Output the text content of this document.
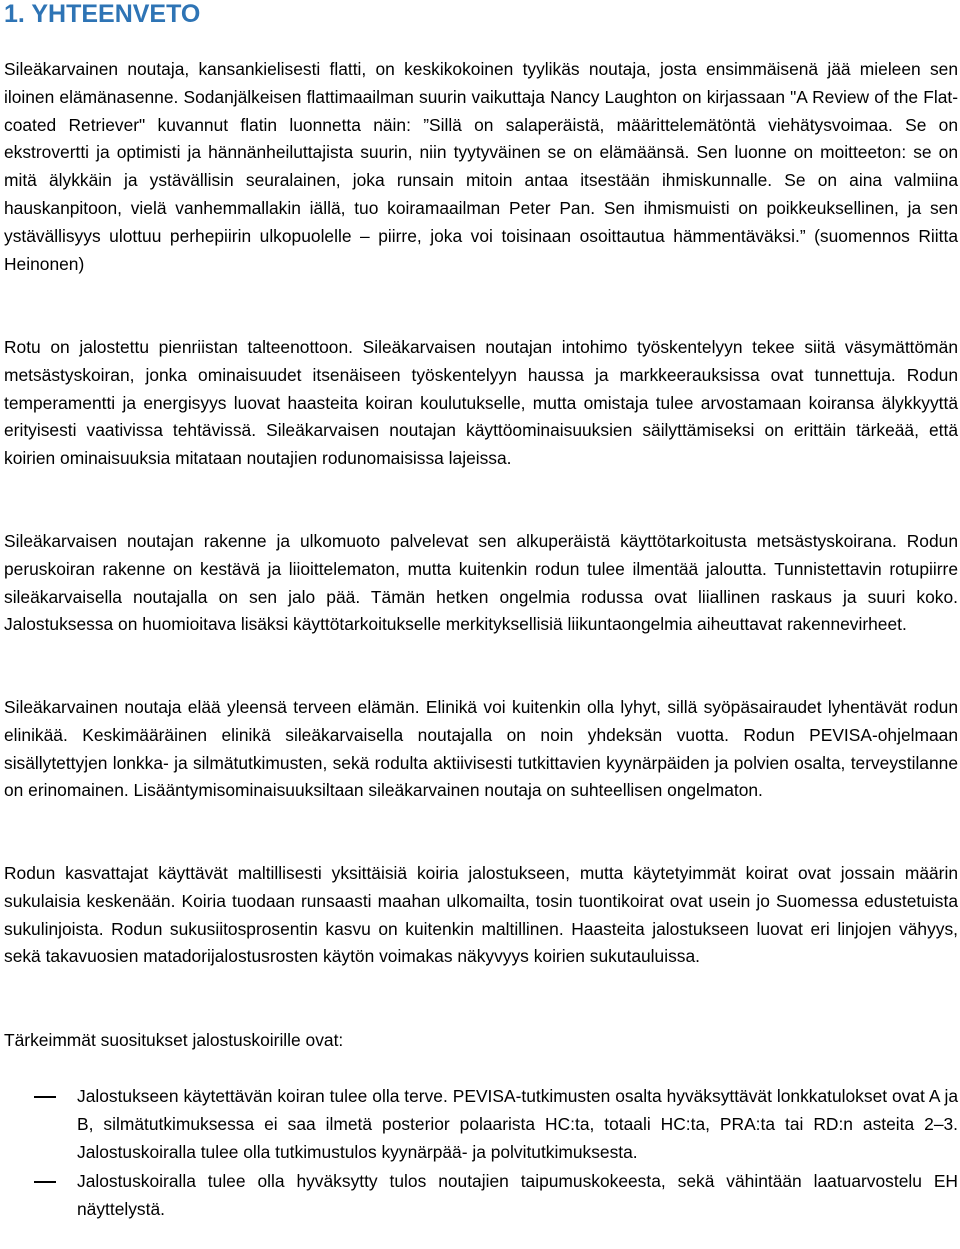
1. YHTEENVETO

Sileäkarvainen noutaja, kansankielisesti flatti, on keskikokoinen tyylikäs noutaja, josta ensimmäisenä jää mieleen sen iloinen elämänasenne. Sodanjälkeisen flattimaailman suurin vaikuttaja Nancy Laughton on kirjassaan "A Review of the Flat-coated Retriever" kuvannut flatin luonnetta näin: ”Sillä on salaperäistä, määrittelemätöntä viehätysvoimaa. Se on ekstrovertti ja optimisti ja hännänheiluttajista suurin, niin tyytyväinen se on elämäänsä. Sen luonne on moitteeton: se on mitä älykkäin ja ystävällisin seuralainen, joka runsain mitoin antaa itsestään ihmiskunnalle. Se on aina valmiina hauskanpitoon, vielä vanhemmallakin iällä, tuo koiramaailman Peter Pan. Sen ihmismuisti on poikkeuksellinen, ja sen ystävällisyys ulottuu perhepiirin ulkopuolelle – piirre, joka voi toisinaan osoittautua hämmentäväksi.” (suomennos Riitta Heinonen)

Rotu on jalostettu pienriistan talteenottoon. Sileäkarvaisen noutajan intohimo työskentelyyn tekee siitä väsymättömän metsästyskoiran, jonka ominaisuudet itsenäiseen työskentelyyn haussa ja markkeerauksissa ovat tunnettuja. Rodun temperamentti ja energisyys luovat haasteita koiran koulutukselle, mutta omistaja tulee arvostamaan koiransa älykkyyttä erityisesti vaativissa tehtävissä. Sileäkarvaisen noutajan käyttöominaisuuksien säilyttämiseksi on erittäin tärkeää, että koirien ominaisuuksia mitataan noutajien rodunomaisissa lajeissa.

Sileäkarvaisen noutajan rakenne ja ulkomuoto palvelevat sen alkuperäistä käyttötarkoitusta metsästyskoirana. Rodun peruskoiran rakenne on kestävä ja liioittelematon, mutta kuitenkin rodun tulee ilmentää jaloutta. Tunnistettavin rotupiirre sileäkarvaisella noutajalla on sen jalo pää. Tämän hetken ongelmia rodussa ovat liiallinen raskaus ja suuri koko. Jalostuksessa on huomioitava lisäksi käyttötarkoitukselle merkityksellisiä liikuntaongelmia aiheuttavat rakennevirheet.

Sileäkarvainen noutaja elää yleensä terveen elämän. Elinikä voi kuitenkin olla lyhyt, sillä syöpäsairaudet lyhentävät rodun elinikää. Keskimääräinen elinikä sileäkarvaisella noutajalla on noin yhdeksän vuotta. Rodun PEVISA-ohjelmaan sisällytettyjen lonkka- ja silmätutkimusten, sekä rodulta aktiivisesti tutkittavien kyynärpäiden ja polvien osalta, terveystilanne on erinomainen. Lisääntymisominaisuuksiltaan sileäkarvainen noutaja on suhteellisen ongelmaton.

Rodun kasvattajat käyttävät maltillisesti yksittäisiä koiria jalostukseen, mutta käytetyimmät koirat ovat jossain määrin sukulaisia keskenään. Koiria tuodaan runsaasti maahan ulkomailta, tosin tuontikoirat ovat usein jo Suomessa edustetuista sukulinjoista. Rodun sukusiitosprosentin kasvu on kuitenkin maltillinen. Haasteita jalostukseen luovat eri linjojen vähyys, sekä takavuosien matadorijalostusrosten käytön voimakas näkyvyys koirien sukutauluissa.

Tärkeimmät suositukset jalostuskoirille ovat:

Jalostukseen käytettävän koiran tulee olla terve. PEVISA-tutkimusten osalta hyväksyttävät lonkkatulokset ovat A ja B, silmätutkimuksessa ei saa ilmetä posterior polaarista HC:ta, totaali HC:ta, PRA:ta tai RD:n asteita 2–3. Jalostuskoiralla tulee olla tutkimustulos kyynärpää- ja polvitutkimuksesta.
Jalostuskoiralla tulee olla hyväksytty tulos noutajien taipumuskokeesta, sekä vähintään laatuarvostelu EH näyttelystä.
